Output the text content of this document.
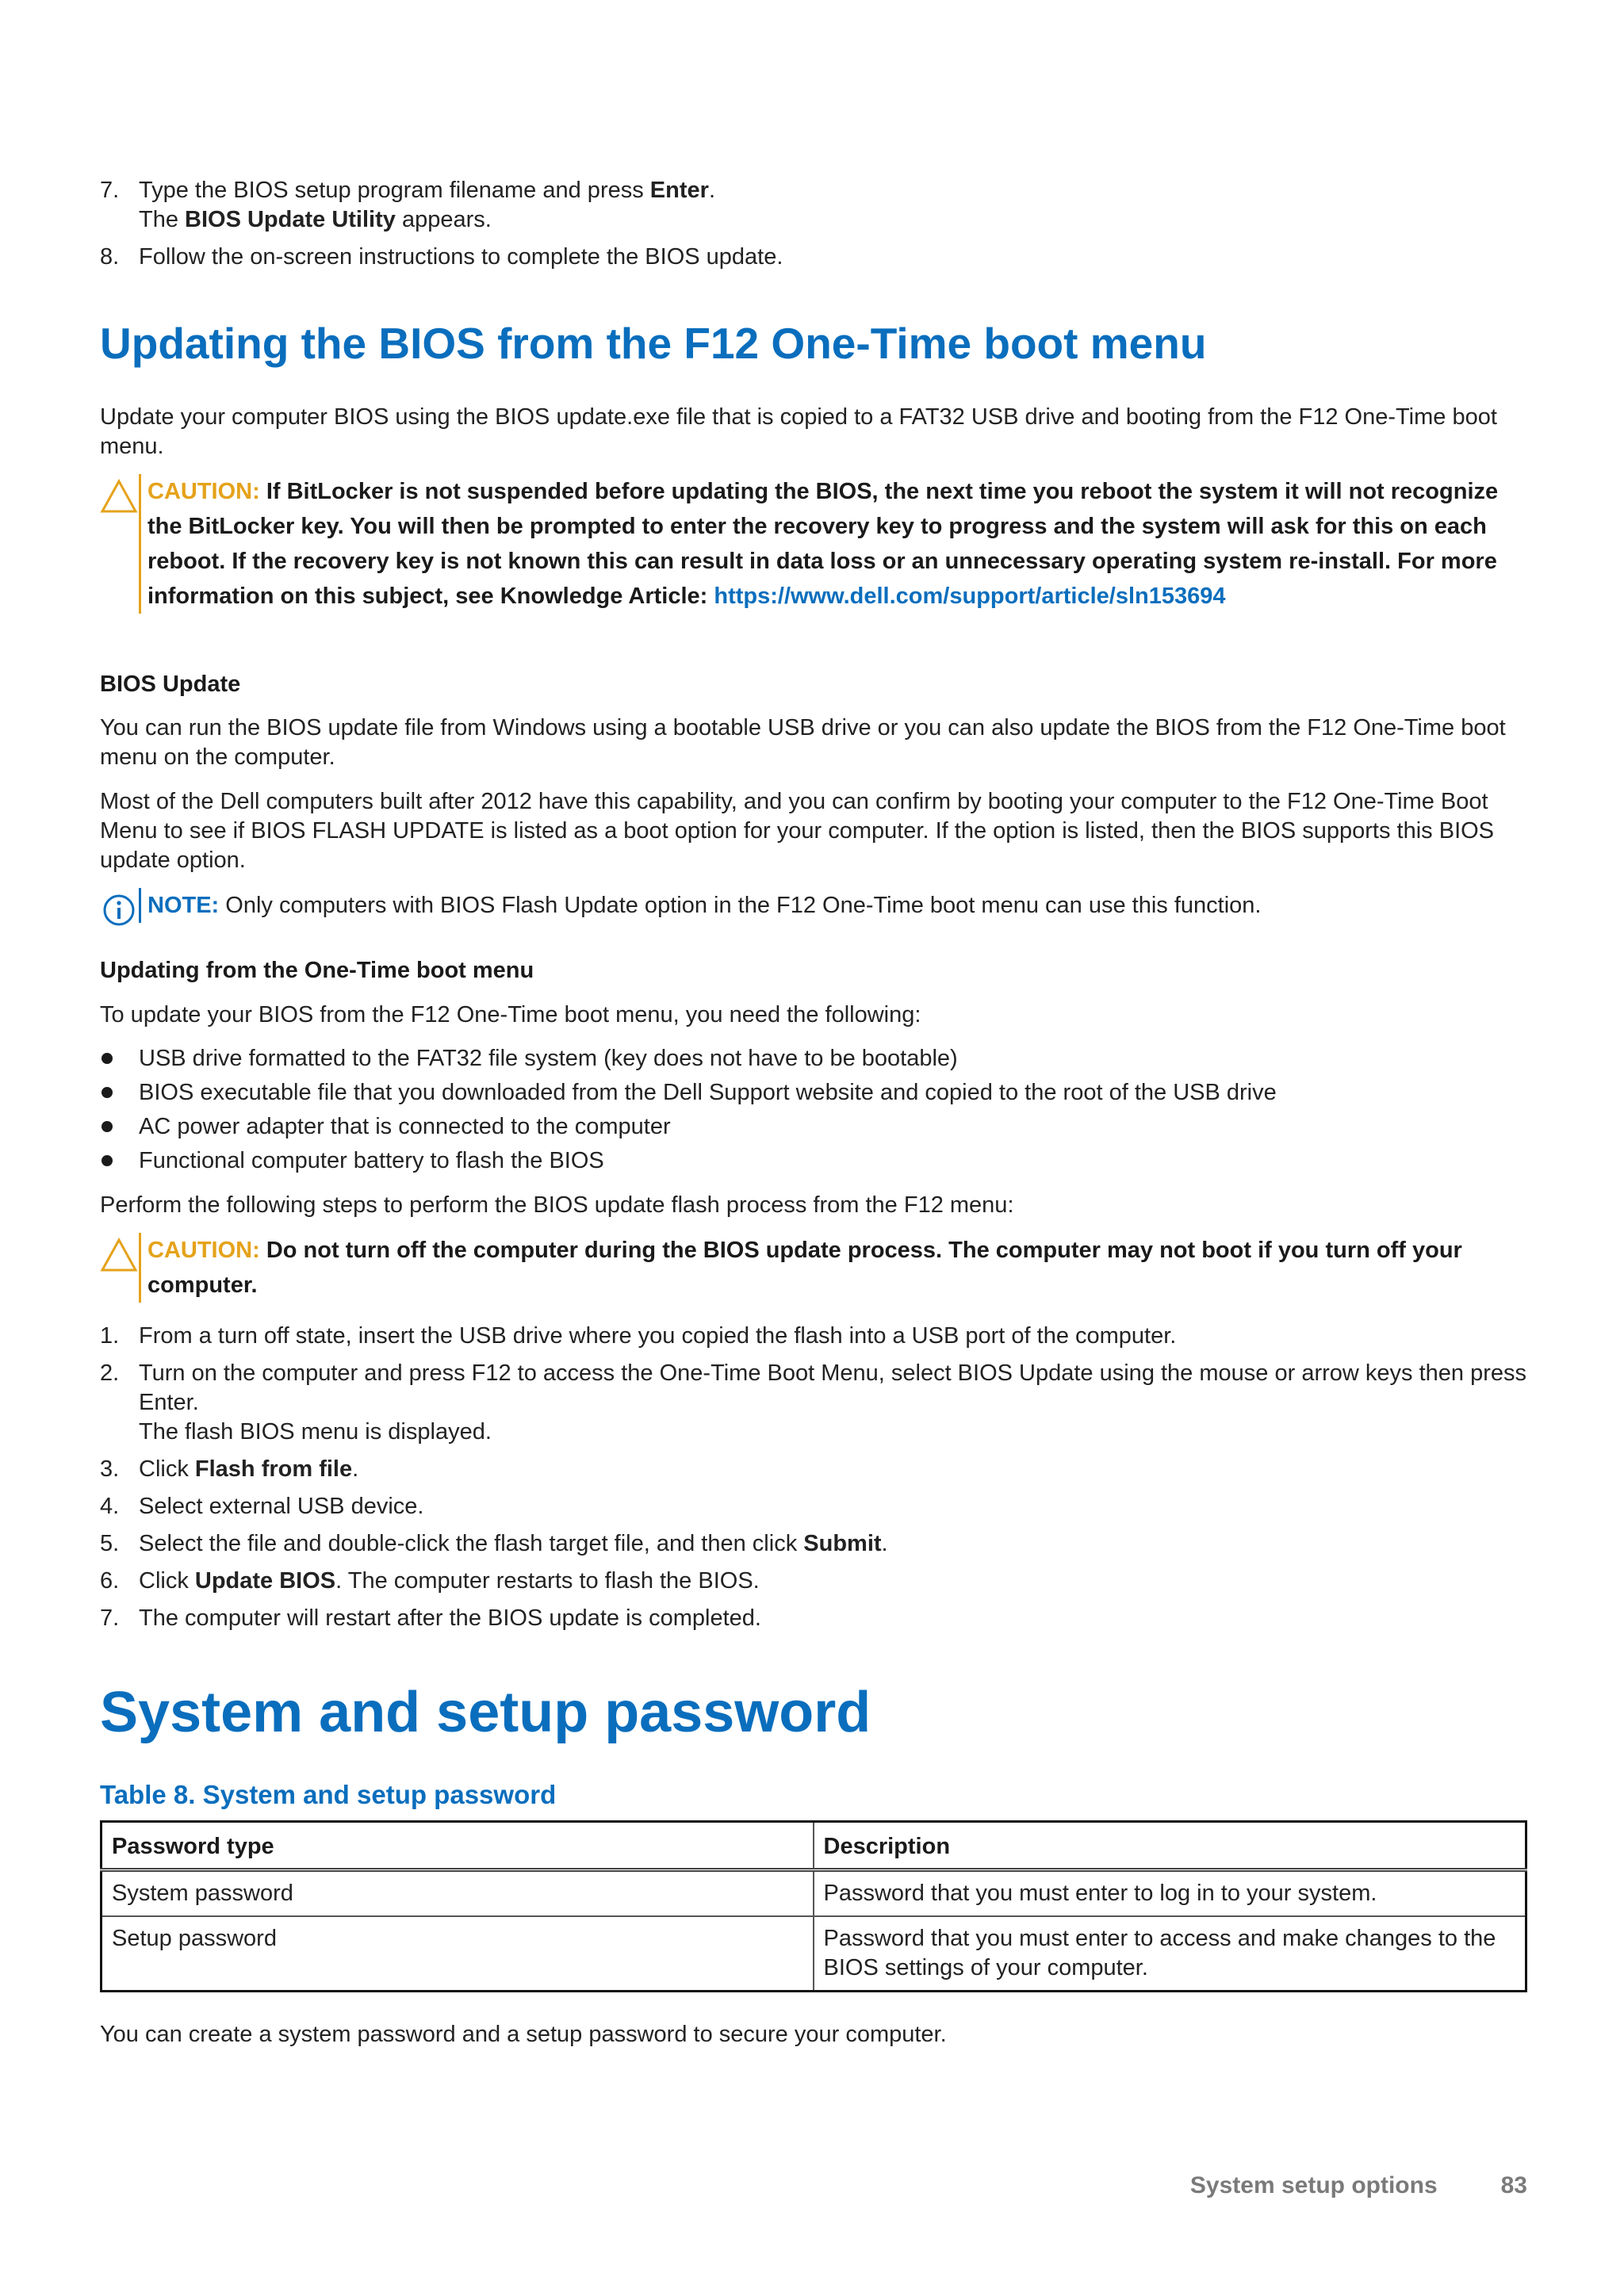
7. Type the BIOS setup program filename and press Enter.
The BIOS Update Utility appears.
8. Follow the on-screen instructions to complete the BIOS update.
Updating the BIOS from the F12 One-Time boot menu

Update your computer BIOS using the BIOS update.exe file that is copied to a FAT32 USB drive and booting from the F12 One-Time boot menu.

CAUTION: If BitLocker is not suspended before updating the BIOS, the next time you reboot the system it will not recognize the BitLocker key. You will then be prompted to enter the recovery key to progress and the system will ask for this on each reboot. If the recovery key is not known this can result in data loss or an unnecessary operating system re-install. For more information on this subject, see Knowledge Article: https://www.dell.com/support/article/sln153694
BIOS Update

You can run the BIOS update file from Windows using a bootable USB drive or you can also update the BIOS from the F12 One-Time boot menu on the computer.

Most of the Dell computers built after 2012 have this capability, and you can confirm by booting your computer to the F12 One-Time Boot Menu to see if BIOS FLASH UPDATE is listed as a boot option for your computer. If the option is listed, then the BIOS supports this BIOS update option.

NOTE: Only computers with BIOS Flash Update option in the F12 One-Time boot menu can use this function.
Updating from the One-Time boot menu

To update your BIOS from the F12 One-Time boot menu, you need the following:

USB drive formatted to the FAT32 file system (key does not have to be bootable)
BIOS executable file that you downloaded from the Dell Support website and copied to the root of the USB drive
AC power adapter that is connected to the computer
Functional computer battery to flash the BIOS

Perform the following steps to perform the BIOS update flash process from the F12 menu:

CAUTION: Do not turn off the computer during the BIOS update process. The computer may not boot if you turn off your computer.
1. From a turn off state, insert the USB drive where you copied the flash into a USB port of the computer.
2. Turn on the computer and press F12 to access the One-Time Boot Menu, select BIOS Update using the mouse or arrow keys then press Enter.
The flash BIOS menu is displayed.
3. Click Flash from file.
4. Select external USB device.
5. Select the file and double-click the flash target file, and then click Submit.
6. Click Update BIOS. The computer restarts to flash the BIOS.
7. The computer will restart after the BIOS update is completed.
System and setup password
Table 8. System and setup password
Password type	Description
System password	Password that you must enter to log in to your system.
Setup password	Password that you must enter to access and make changes to the BIOS settings of your computer.

You can create a system password and a setup password to secure your computer.

System setup options	83
